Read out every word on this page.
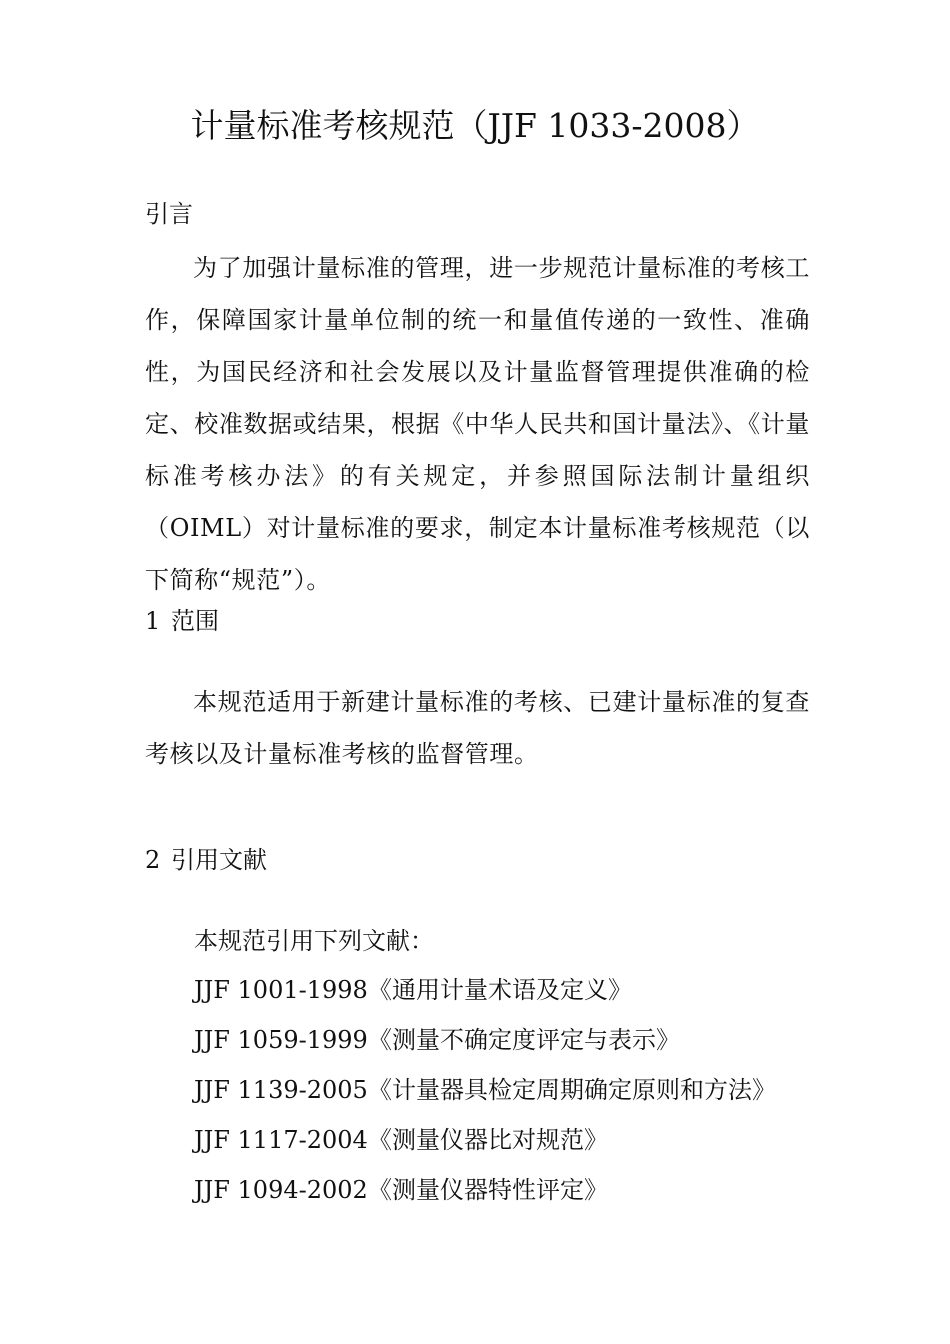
计量标准考核规范（JJF 1033-2008）
引言

为了加强计量标准的管理，进一步规范计量标准的考核工作，保障国家计量单位制的统一和量值传递的一致性、准确性，为国民经济和社会发展以及计量监督管理提供准确的检定、校准数据或结果，根据《中华人民共和国计量法》、《计量标准考核办法》的有关规定，并参照国际法制计量组织（OIML）对计量标准的要求，制定本计量标准考核规范（以下简称“规范”）。

1 范围

本规范适用于新建计量标准的考核、已建计量标准的复查考核以及计量标准考核的监督管理。

2 引用文献
本规范引用下列文献：
JJF 1001-1998《通用计量术语及定义》
JJF 1059-1999《测量不确定度评定与表示》
JJF 1139-2005《计量器具检定周期确定原则和方法》
JJF 1117-2004《测量仪器比对规范》
JJF 1094-2002《测量仪器特性评定》
